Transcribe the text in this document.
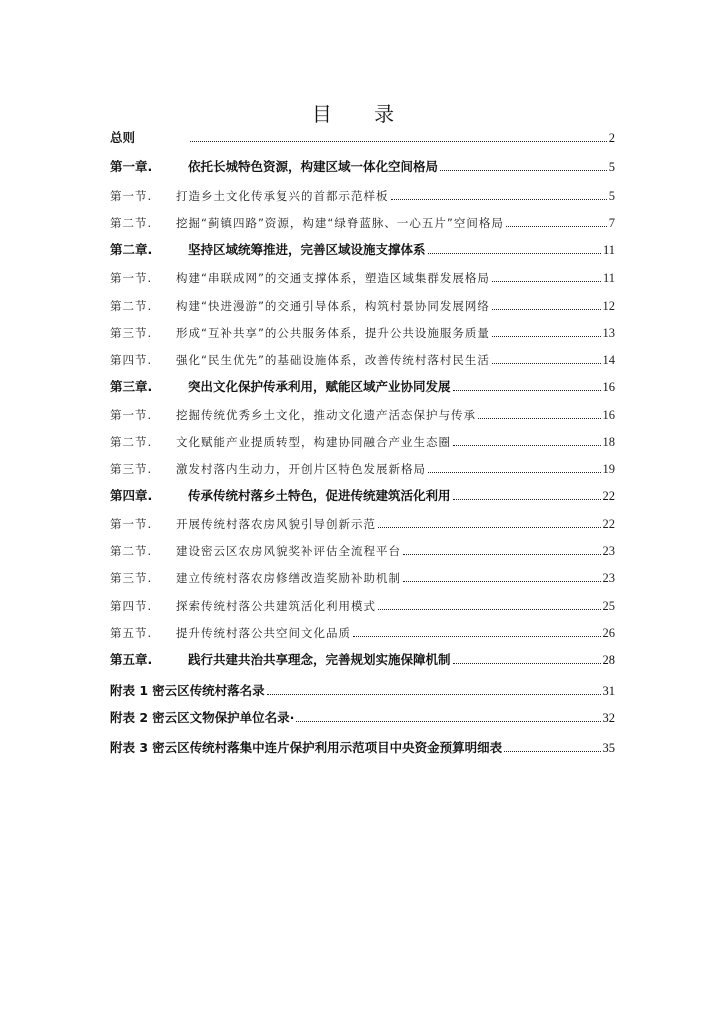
目 录
总则	2
第一章.	依托长城特色资源，构建区域一体化空间格局	5
第一节.	打造乡土文化传承复兴的首都示范样板	5
第二节.	挖掘“蓟镇四路”资源，构建“绿脊蓝脉、一心五片”空间格局	7
第二章.	坚持区域统筹推进，完善区域设施支撑体系	11
第一节.	构建“串联成网”的交通支撑体系，塑造区域集群发展格局	11
第二节.	构建“快进漫游”的交通引导体系，构筑村景协同发展网络	12
第三节.	形成“互补共享”的公共服务体系，提升公共设施服务质量	13
第四节.	强化“民生优先”的基础设施体系，改善传统村落村民生活	14
第三章.	突出文化保护传承利用，赋能区域产业协同发展	16
第一节.	挖掘传统优秀乡土文化，推动文化遗产活态保护与传承	16
第二节.	文化赋能产业提质转型，构建协同融合产业生态圈	18
第三节.	激发村落内生动力，开创片区特色发展新格局	19
第四章.	传承传统村落乡土特色，促进传统建筑活化利用	22
第一节.	开展传统村落农房风貌引导创新示范	22
第二节.	建设密云区农房风貌奖补评估全流程平台	23
第三节.	建立传统村落农房修缮改造奖励补助机制	23
第四节.	探索传统村落公共建筑活化利用模式	25
第五节.	提升传统村落公共空间文化品质	26
第五章.	践行共建共治共享理念，完善规划实施保障机制	28
附表 1 密云区传统村落名录	31
附表 2 密云区文物保护单位名录·	32
附表 3 密云区传统村落集中连片保护利用示范项目中央资金预算明细表	35
